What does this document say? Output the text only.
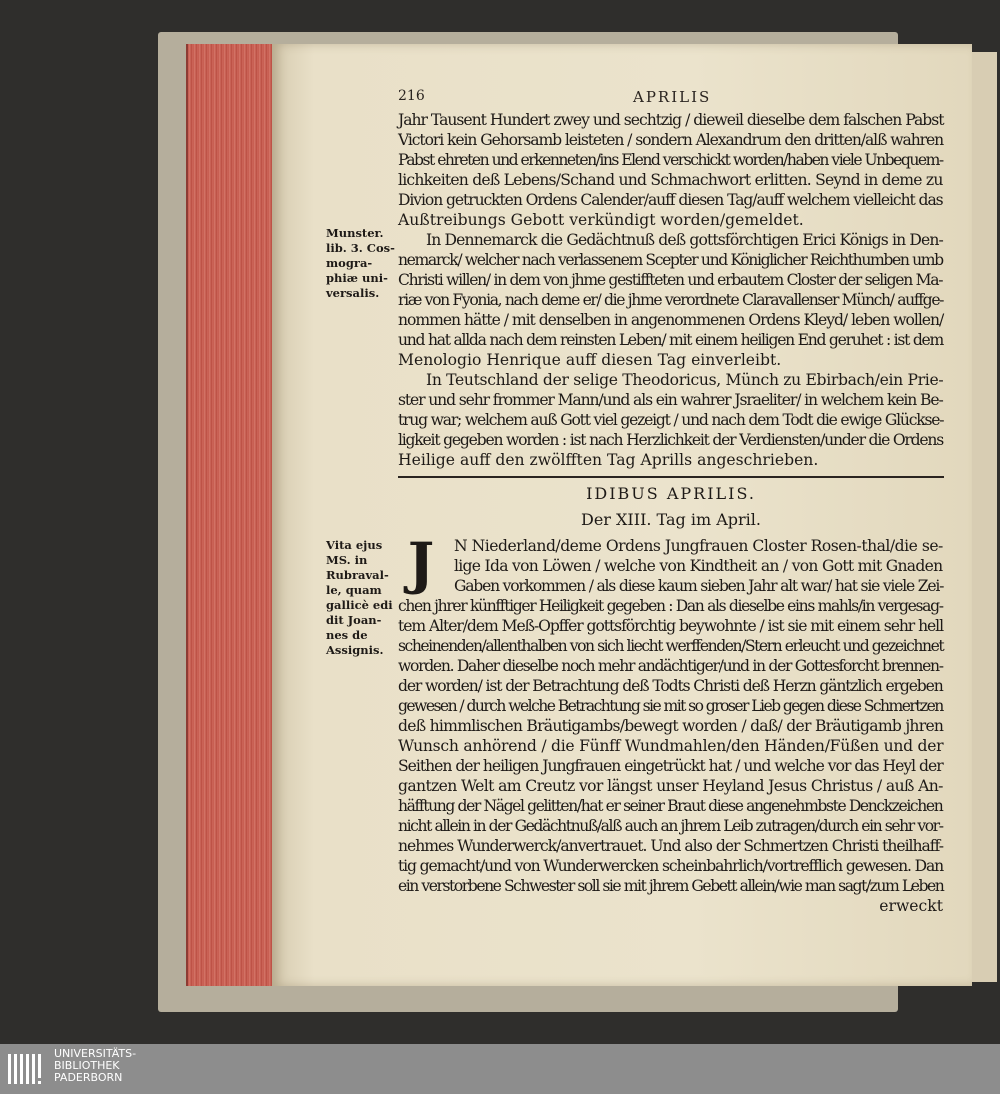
216	APRILIS
Jahr Tausent Hundert zwey und sechtzig / dieweil dieselbe dem falschen Pabst
Victori kein Gehorsamb leisteten / sondern Alexandrum den dritten/alß wahren
Pabst ehreten und erkenneten/ins Elend verschickt worden/haben viele Unbequem-
lichkeiten deß Lebens/Schand und Schmachwort erlitten. Seynd in deme zu
Divion getruckten Ordens Calender/auff diesen Tag/auff welchem vielleicht das
Außtreibungs Gebott verkündigt worden/gemeldet.
In Dennemarck die Gedächtnuß deß gottsförchtigen Erici Königs in Den-
nemarck/ welcher nach verlassenem Scepter und Königlicher Reichthumben umb
Christi willen/ in dem von jhme gestiffteten und erbautem Closter der seligen Ma-
riæ von Fyonia, nach deme er/ die jhme verordnete Claravallenser Münch/ auffge-
nommen hätte / mit denselben in angenommenen Ordens Kleyd/ leben wollen/
und hat allda nach dem reinsten Leben/ mit einem heiligen End geruhet : ist dem
Menologio Henrique auff diesen Tag einverleibt.
In Teutschland der selige Theodoricus, Münch zu Ebirbach/ein Prie-
ster und sehr frommer Mann/und als ein wahrer Jsraeliter/ in welchem kein Be-
trug war; welchem auß Gott viel gezeigt / und nach dem Todt die ewige Glückse-
ligkeit gegeben worden : ist nach Herzlichkeit der Verdiensten/under die Ordens
Heilige auff den zwölfften Tag Aprills angeschrieben.
IDIBUS APRILIS.
Der XIII. Tag im April.
J	N Niederland/deme Ordens Jungfrauen Closter Rosen-thal/die se-
lige Ida von Löwen / welche von Kindtheit an / von Gott mit Gnaden
Gaben vorkommen / als diese kaum sieben Jahr alt war/ hat sie viele Zei-
chen jhrer künfftiger Heiligkeit gegeben : Dan als dieselbe eins mahls/in vergesag-
tem Alter/dem Meß-Opffer gottsförchtig beywohnte / ist sie mit einem sehr hell
scheinenden/allenthalben von sich liecht werffenden/Stern erleucht und gezeichnet
worden. Daher dieselbe noch mehr andächtiger/und in der Gottesforcht brennen-
der worden/ ist der Betrachtung deß Todts Christi deß Herzn gäntzlich ergeben
gewesen / durch welche Betrachtung sie mit so groser Lieb gegen diese Schmertzen
deß himmlischen Bräutigambs/bewegt worden / daß/ der Bräutigamb jhren
Wunsch anhörend / die Fünff Wundmahlen/den Händen/Füßen und der
Seithen der heiligen Jungfrauen eingetrückt hat / und welche vor das Heyl der
gantzen Welt am Creutz vor längst unser Heyland Jesus Christus / auß An-
häfftung der Nägel gelitten/hat er seiner Braut diese angenehmbste Denckzeichen
nicht allein in der Gedächtnuß/alß auch an jhrem Leib zutragen/durch ein sehr vor-
nehmes Wunderwerck/anvertrauet. Und also der Schmertzen Christi theilhaff-
tig gemacht/und von Wunderwercken scheinbahrlich/vortrefflich gewesen. Dan
ein verstorbene Schwester soll sie mit jhrem Gebett allein/wie man sagt/zum Leben
erweckt
Munster.
lib. 3. Cos-
mogra-
phiæ uni-
versalis.
Vita ejus
MS. in
Rubraval-
le, quam
gallicè edi
dit Joan-
nes de
Assignis.
UNIVERSITÄTS-
BIBLIOTHEK
PADERBORN
